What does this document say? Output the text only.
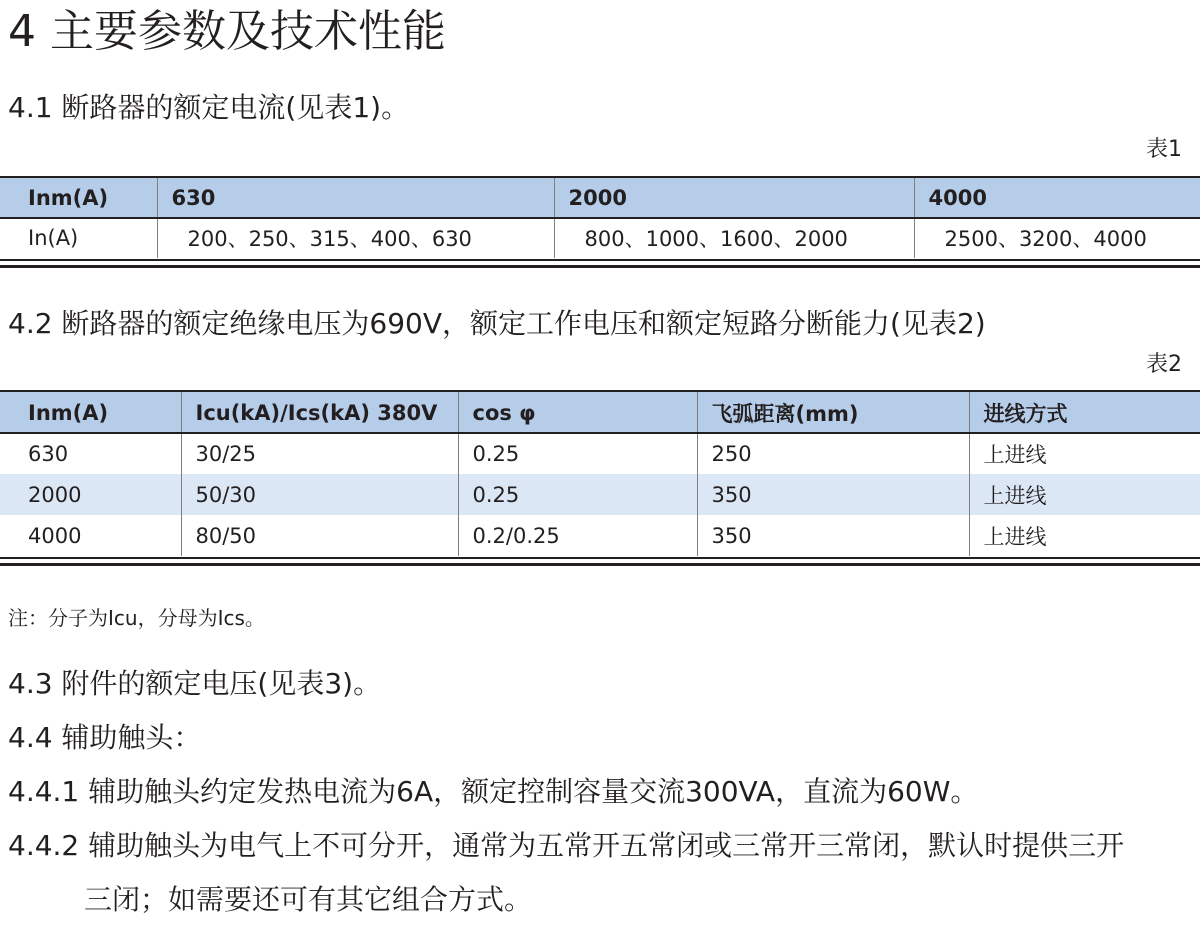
4 主要参数及技术性能
4.1 断路器的额定电流(见表1)。
表1
Inm(A)	630	2000	4000
In(A)	200、250、315、400、630	800、1000、1600、2000	2500、3200、4000
4.2 断路器的额定绝缘电压为690V，额定工作电压和额定短路分断能力(见表2)
表2
Inm(A)	Icu(kA)/Ics(kA) 380V	cos φ	飞弧距离(mm)	进线方式
630	30/25	0.25	250	上进线
2000	50/30	0.25	350	上进线
4000	80/50	0.2/0.25	350	上进线
注：分子为Icu，分母为Ics。
4.3 附件的额定电压(见表3)。
4.4 辅助触头：
4.4.1 辅助触头约定发热电流为6A，额定控制容量交流300VA，直流为60W。
4.4.2 辅助触头为电气上不可分开，通常为五常开五常闭或三常开三常闭，默认时提供三开
三闭；如需要还可有其它组合方式。
